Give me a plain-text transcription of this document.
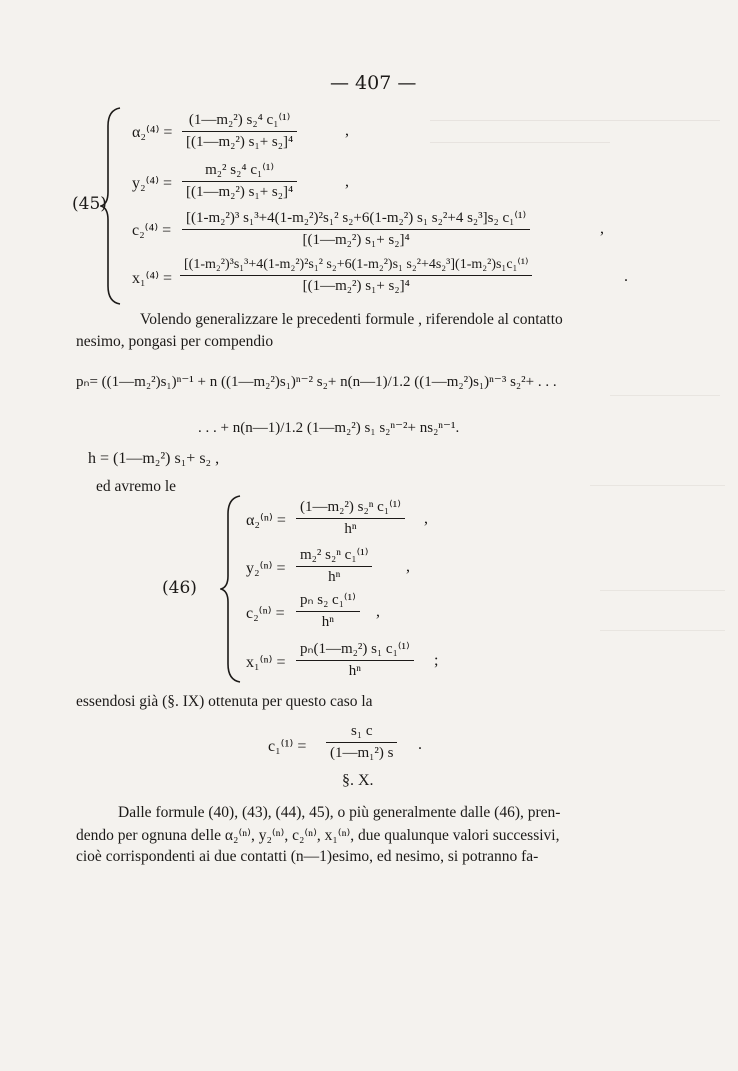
— 407 —
(45)
$\alpha_2^{(4)} = \frac{\text{(1—m₂²) s₂⁴ c₁⁽¹⁾}}{\text{[(1—m₂²) s₁+ s₂]⁴}}$	,
$y_2^{(4)} = \frac{\text{m₂² s₂⁴ c₁⁽¹⁾}}{\text{[(1—m₂²) s₁+ s₂]⁴}}$	,
$c_2^{(4)} = \frac{\text{[(1-m₂²)³ s₁³+4(1-m₂²)²s₁² s₂+6(1-m₂²) s₁ s₂²+4 s₂³]s₂ c₁⁽¹⁾}}{\text{[(1—m₂²) s₁+ s₂]⁴}}$	,
x₁⁽⁴⁾ =
[(1-m₂²)³s₁³+4(1-m₂²)²s₁² s₂+6(1-m₂²)s₁ s₂²+4s₂³](1-m₂²)s₁c₁⁽¹⁾
[(1—m₂²) s₁+ s₂]⁴
.
Volendo generalizzare le precedenti formule , riferendole al contatto
nesimo, pongasi per compendio
pₙ= ((1—m₂²)s₁)ⁿ⁻¹ + n ((1—m₂²)s₁)ⁿ⁻² s₂+ n(n—1)/1.2 ((1—m₂²)s₁)ⁿ⁻³ s₂²+ . . .
. . . + n(n—1)/1.2 (1—m₂²) s₁ s₂ⁿ⁻²+ ns₂ⁿ⁻¹.
h = (1—m₂²) s₁+ s₂ ,
ed avremo le
(46)
$\alpha_2^{(n)} = \frac{\text{(1—m₂²) s₂ⁿ c₁⁽¹⁾}}{\text{hⁿ}}$ ,
$y_2^{(n)} = \frac{\text{m₂² s₂ⁿ c₁⁽¹⁾}}{\text{hⁿ}}$ ,
$c_2^{(n)} = \frac{\text{pₙ s₂ c₁⁽¹⁾}}{\text{hⁿ}}$ ,
$x_1^{(n)} = \frac{\text{pₙ(1—m₂²) s₁ c₁⁽¹⁾}}{\text{hⁿ}}$ ;
essendosi già (§. IX) ottenuta per questo caso la
$c_1^{(1)} = \frac{\text{s₁ c}}{\text{(1—m₁²) s}}$ .
§. X.
Dalle formule (40), (43), (44), 45), o più generalmente dalle (46), pren-
dendo per ognuna delle α₂⁽ⁿ⁾, y₂⁽ⁿ⁾, c₂⁽ⁿ⁾, x₁⁽ⁿ⁾, due qualunque valori successivi,
cioè corrispondenti ai due contatti (n—1)esimo, ed nesimo, si potranno fa-
